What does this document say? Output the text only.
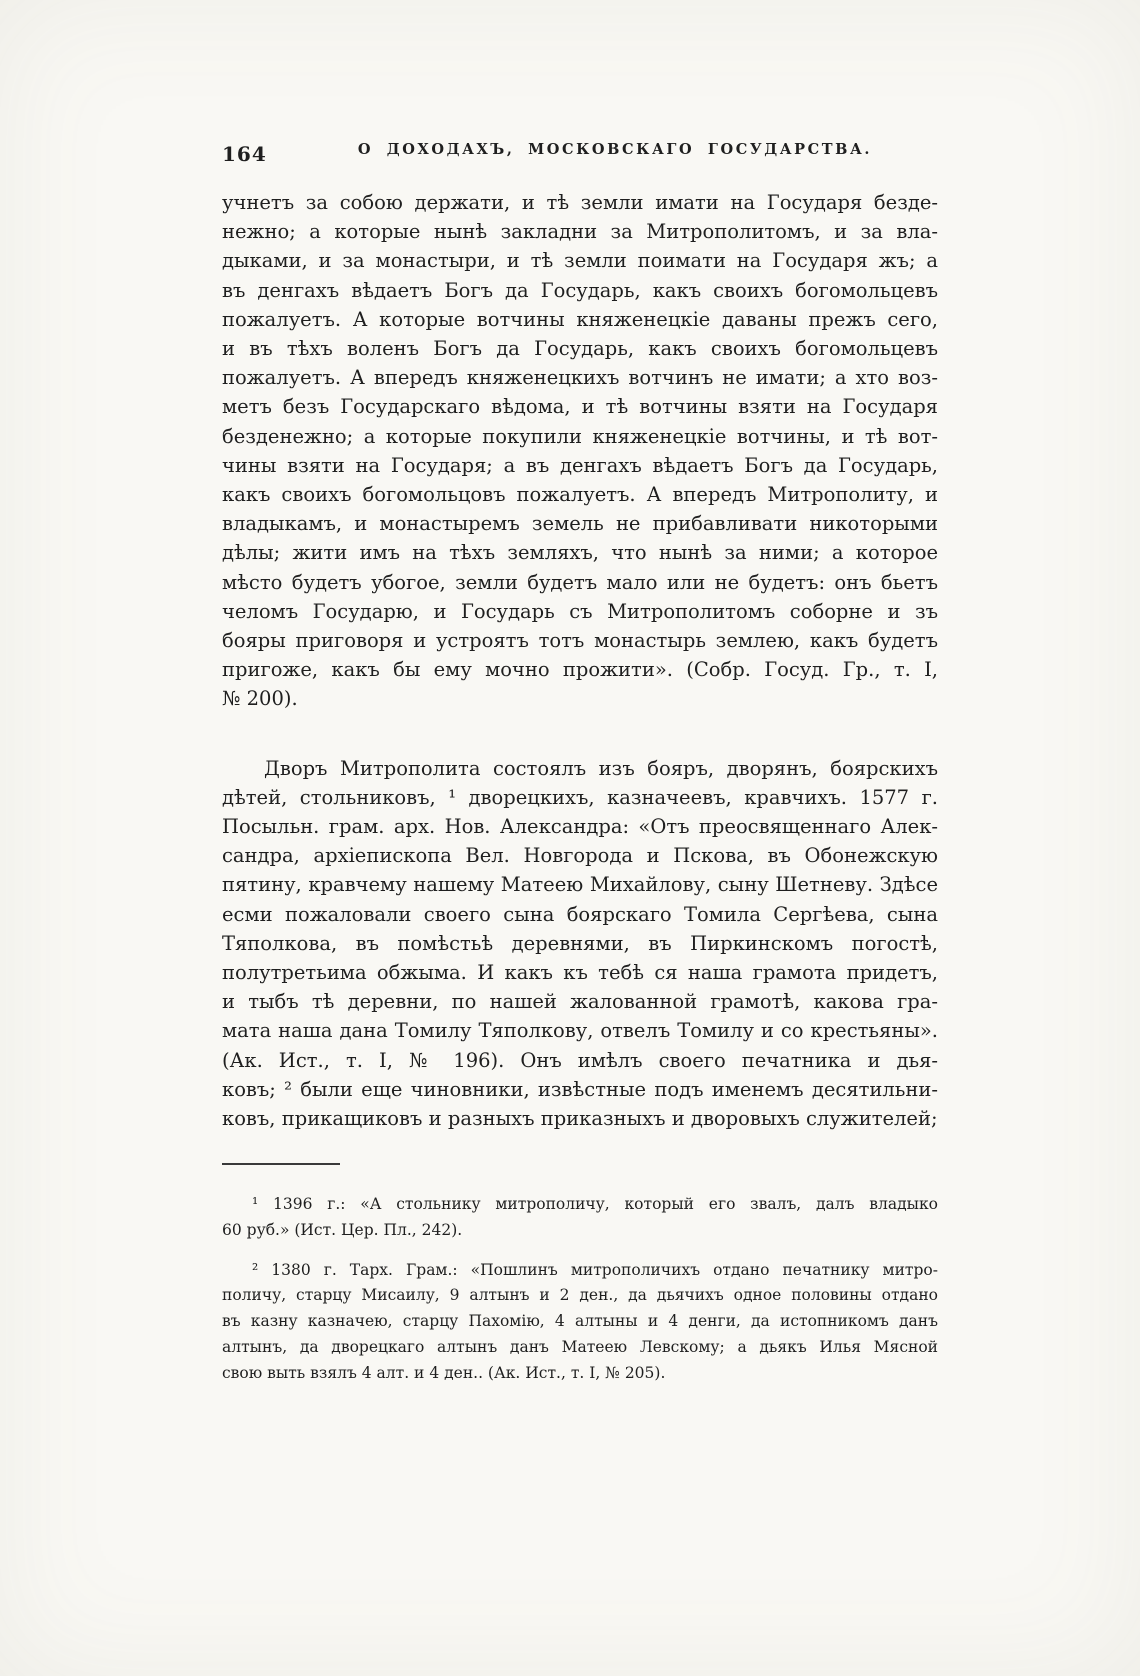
164	О ДОХОДАХЪ, МОСКОВСКАГО ГОСУДАРСТВА.
учнетъ за собою держати, и тѣ земли имати на Государя безде-
нежно; а которые нынѣ закладни за Митрополитомъ, и за вла-
дыками, и за монастыри, и тѣ земли поимати на Государя жъ; а
въ денгахъ вѣдаетъ Богъ да Государь, какъ своихъ богомольцевъ
пожалуетъ. А которые вотчины княженецкіе даваны прежъ сего,
и въ тѣхъ воленъ Богъ да Государь, какъ своихъ богомольцевъ
пожалуетъ. А впередъ княженецкихъ вотчинъ не имати; а хто воз-
метъ безъ Государскаго вѣдома, и тѣ вотчины взяти на Государя
безденежно; а которые покупили княженецкіе вотчины, и тѣ вот-
чины взяти на Государя; а въ денгахъ вѣдаетъ Богъ да Государь,
какъ своихъ богомольцовъ пожалуетъ. А впередъ Митрополиту, и
владыкамъ, и монастыремъ земель не прибавливати никоторыми
дѣлы; жити имъ на тѣхъ земляхъ, что нынѣ за ними; а которое
мѣсто будетъ убогое, земли будетъ мало или не будетъ: онъ бьетъ
челомъ Государю, и Государь съ Митрополитомъ соборне и зъ
бояры приговоря и устроятъ тотъ монастырь землею, какъ будетъ
пригоже, какъ бы ему мочно прожити». (Собр. Госуд. Гр., т. I,
№ 200).
Дворъ Митрополита состоялъ изъ бояръ, дворянъ, боярскихъ
дѣтей, стольниковъ, ¹ дворецкихъ, казначеевъ, кравчихъ. 1577 г.
Посыльн. грам. арх. Нов. Александра: «Отъ преосвященнаго Алек-
сандра, архіепископа Вел. Новгорода и Пскова, въ Обонежскую
пятину, кравчему нашему Матеею Михайлову, сыну Шетневу. Здѣсе
есми пожаловали своего сына боярскаго Томила Сергѣева, сына
Тяполкова, въ помѣстьѣ деревнями, въ Пиркинскомъ погостѣ,
полутретьима обжыма. И какъ къ тебѣ ся наша грамота придетъ,
и тыбъ тѣ деревни, по нашей жалованной грамотѣ, какова гра-
мата наша дана Томилу Тяполкову, отвелъ Томилу и со крестьяны».
(Ак. Ист., т. I, № 196). Онъ имѣлъ своего печатника и дья-
ковъ; ² были еще чиновники, извѣстные подъ именемъ десятильни-
ковъ, прикащиковъ и разныхъ приказныхъ и дворовыхъ служителей;
¹ 1396 г.: «А стольнику митрополичу, который его звалъ, далъ владыко
60 руб.» (Ист. Цер. Пл., 242).
² 1380 г. Тарх. Грам.: «Пошлинъ митрополичихъ отдано печатнику митро-
поличу, старцу Мисаилу, 9 алтынъ и 2 ден., да дьячихъ одное половины отдано
въ казну казначею, старцу Пахомію, 4 алтыны и 4 денги, да истопникомъ данъ
алтынъ, да дворецкаго алтынъ данъ Матеею Левскому; а дьякъ Илья Мясной
свою выть взялъ 4 алт. и 4 ден.. (Ак. Ист., т. I, № 205).
